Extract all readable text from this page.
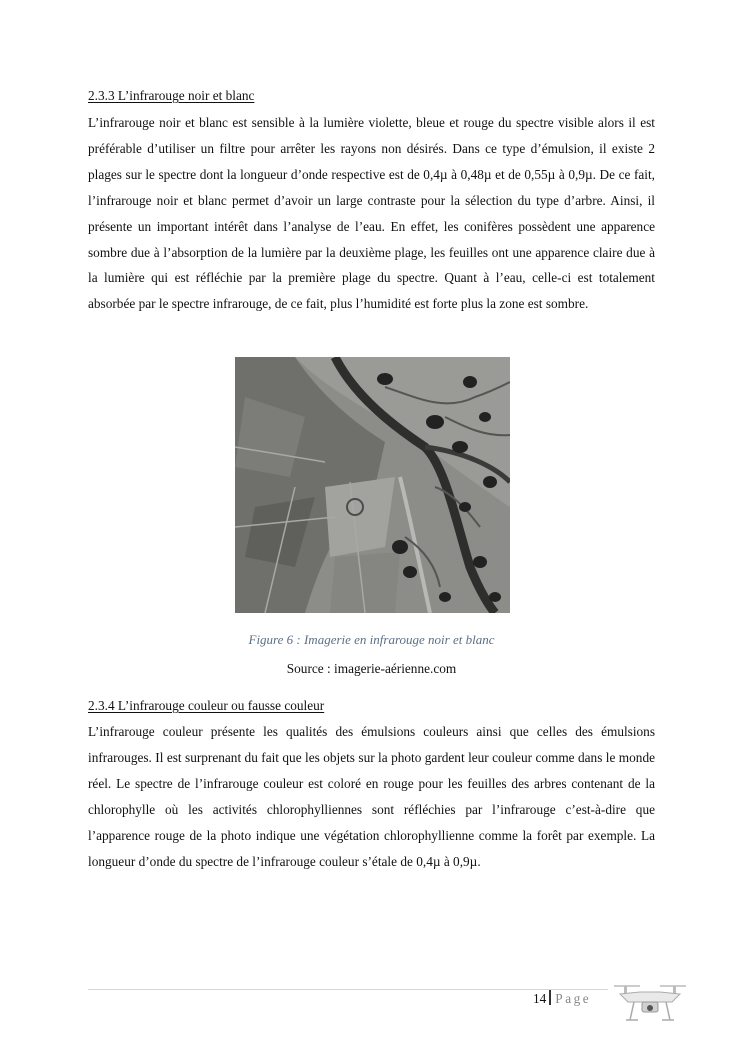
2.3.3 L’infrarouge noir et blanc

L’infrarouge noir et blanc est sensible à la lumière violette, bleue et rouge du spectre visible alors il est préférable d’utiliser un filtre pour arrêter les rayons non désirés. Dans ce type d’émulsion, il existe 2 plages sur le spectre dont la longueur d’onde respective est de 0,4µ à 0,48µ et de 0,55µ à 0,9µ. De ce fait, l’infrarouge noir et blanc permet d’avoir un large contraste pour la sélection du type d’arbre. Ainsi, il présente un important intérêt dans l’analyse de l’eau. En effet, les conifères possèdent une apparence sombre due à l’absorption de la lumière par la deuxième plage, les feuilles ont une apparence claire due à la lumière qui est réfléchie par la première plage du spectre. Quant à l’eau, celle-ci est totalement absorbée par le spectre infrarouge, de ce fait, plus l’humidité est forte plus la zone est sombre.

Figure 6 : Imagerie en infrarouge noir et blanc
Source : imagerie-aérienne.com
2.3.4 L’infrarouge couleur ou fausse couleur

L’infrarouge couleur présente les qualités des émulsions couleurs ainsi que celles des émulsions infrarouges. Il est surprenant du fait que les objets sur la photo gardent leur couleur comme dans le monde réel. Le spectre de l’infrarouge couleur est coloré en rouge pour les feuilles des arbres contenant de la chlorophylle où les activités chlorophylliennes sont réfléchies par l’infrarouge c’est-à-dire que l’apparence rouge de la photo indique une végétation chlorophyllienne comme la forêt par exemple. La longueur d’onde du spectre de l’infrarouge couleur s’étale de 0,4µ à 0,9µ.

14 Page
